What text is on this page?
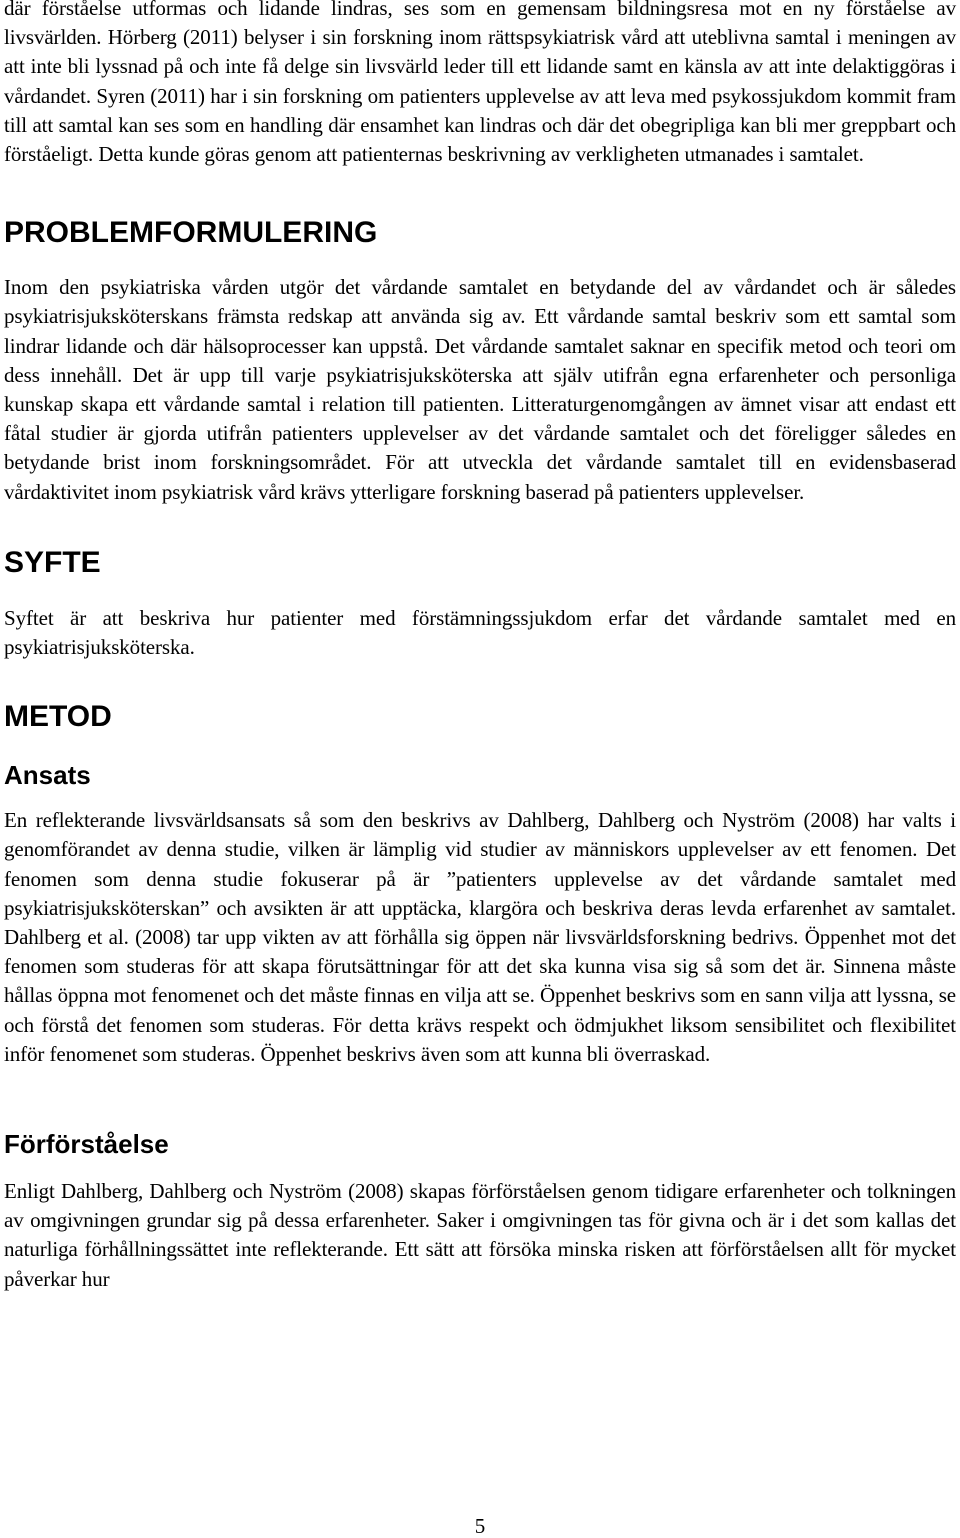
där förståelse utformas och lidande lindras, ses som en gemensam bildningsresa mot en ny förståelse av livsvärlden. Hörberg (2011) belyser i sin forskning inom rättspsykiatrisk vård att uteblivna samtal i meningen av att inte bli lyssnad på och inte få delge sin livsvärld leder till ett lidande samt en känsla av att inte delaktiggöras i vårdandet. Syren (2011) har i sin forskning om patienters upplevelse av att leva med psykossjukdom kommit fram till att samtal kan ses som en handling där ensamhet kan lindras och där det obegripliga kan bli mer greppbart och förståeligt. Detta kunde göras genom att patienternas beskrivning av verkligheten utmanades i samtalet.

PROBLEMFORMULERING

Inom den psykiatriska vården utgör det vårdande samtalet en betydande del av vårdandet och är således psykiatrisjuksköterskans främsta redskap att använda sig av. Ett vårdande samtal beskriv som ett samtal som lindrar lidande och där hälsoprocesser kan uppstå. Det vårdande samtalet saknar en specifik metod och teori om dess innehåll. Det är upp till varje psykiatrisjuksköterska att själv utifrån egna erfarenheter och personliga kunskap skapa ett vårdande samtal i relation till patienten. Litteraturgenomgången av ämnet visar att endast ett fåtal studier är gjorda utifrån patienters upplevelser av det vårdande samtalet och det föreligger således en betydande brist inom forskningsområdet. För att utveckla det vårdande samtalet till en evidensbaserad vårdaktivitet inom psykiatrisk vård krävs ytterligare forskning baserad på patienters upplevelser.

SYFTE

Syftet är att beskriva hur patienter med förstämningssjukdom erfar det vårdande samtalet med en psykiatrisjuksköterska.

METOD
Ansats

En reflekterande livsvärldsansats så som den beskrivs av Dahlberg, Dahlberg och Nyström (2008) har valts i genomförandet av denna studie, vilken är lämplig vid studier av människors upplevelser av ett fenomen. Det fenomen som denna studie fokuserar på är ”patienters upplevelse av det vårdande samtalet med psykiatrisjuksköterskan” och avsikten är att upptäcka, klargöra och beskriva deras levda erfarenhet av samtalet. Dahlberg et al. (2008) tar upp vikten av att förhålla sig öppen när livsvärldsforskning bedrivs. Öppenhet mot det fenomen som studeras för att skapa förutsättningar för att det ska kunna visa sig så som det är. Sinnena måste hållas öppna mot fenomenet och det måste finnas en vilja att se. Öppenhet beskrivs som en sann vilja att lyssna, se och förstå det fenomen som studeras. För detta krävs respekt och ödmjukhet liksom sensibilitet och flexibilitet inför fenomenet som studeras. Öppenhet beskrivs även som att kunna bli överraskad.

Förförståelse

Enligt Dahlberg, Dahlberg och Nyström (2008) skapas förförståelsen genom tidigare erfarenheter och tolkningen av omgivningen grundar sig på dessa erfarenheter. Saker i omgivningen tas för givna och är i det som kallas det naturliga förhållningssättet inte reflekterande. Ett sätt att försöka minska risken att förförståelsen allt för mycket påverkar hur

5
